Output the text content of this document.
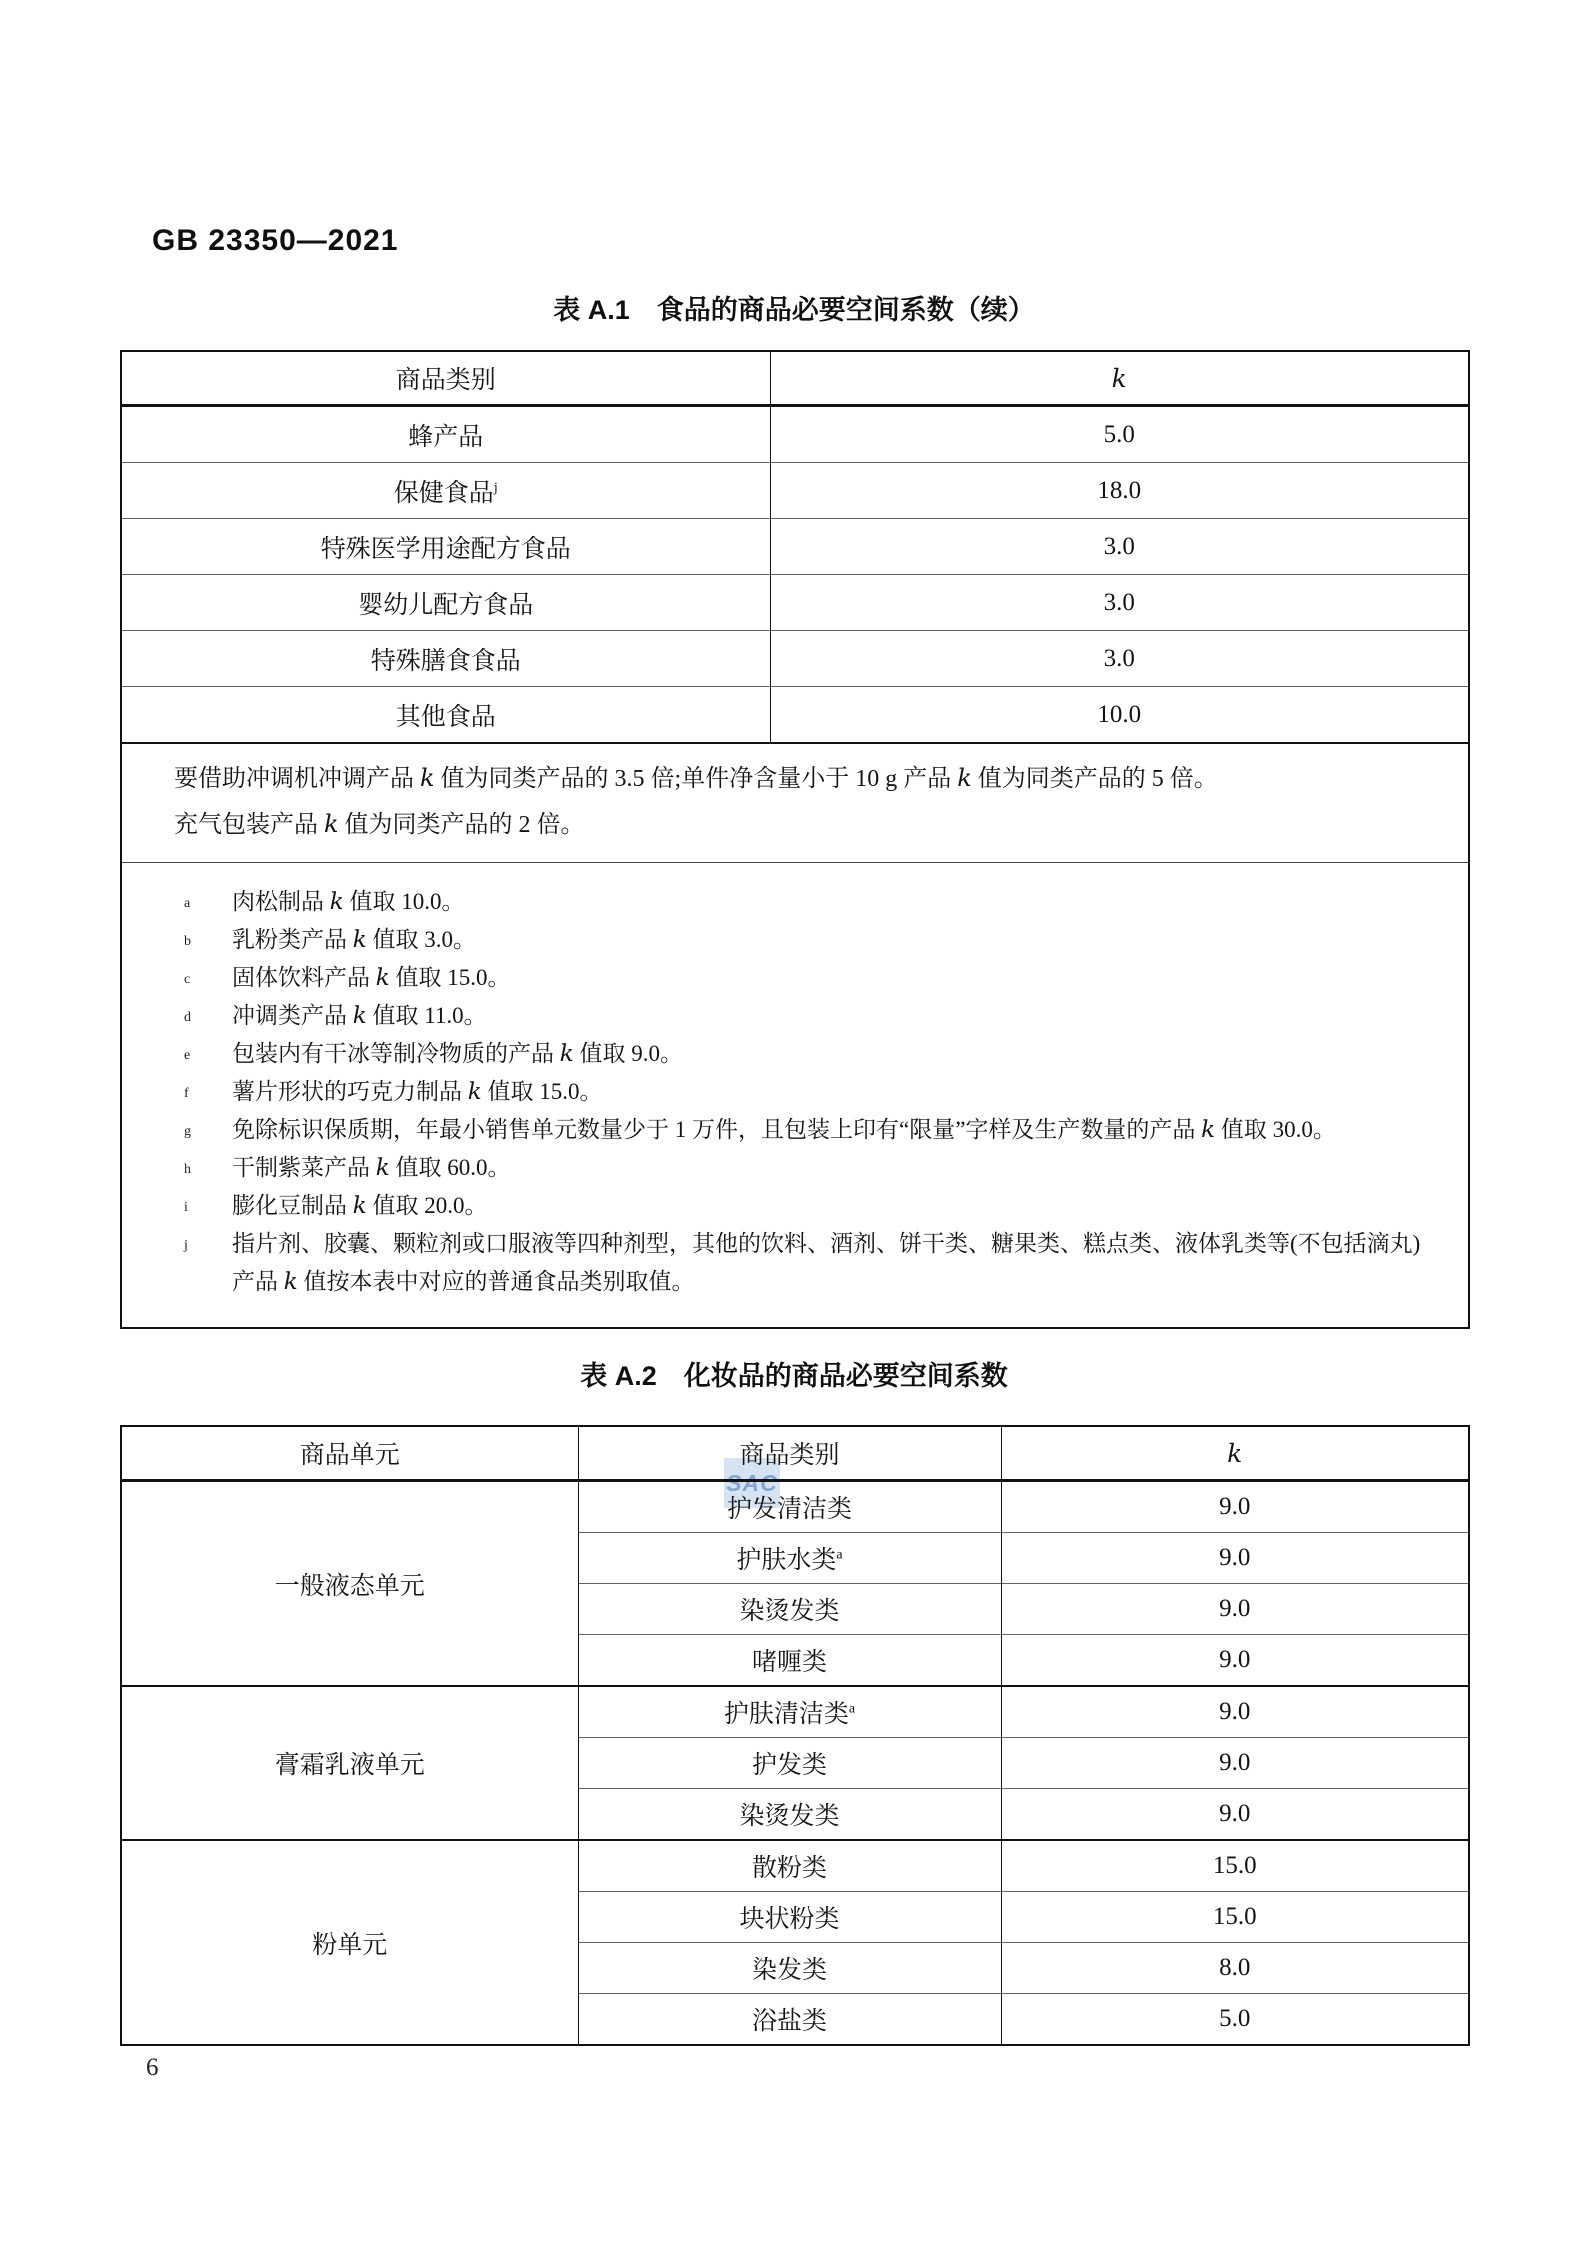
SAC
GB 23350—2021
表 A.1　食品的商品必要空间系数（续）
商品类别	k
蜂产品	5.0
保健食品$^j$	18.0
特殊医学用途配方食品	3.0
婴幼儿配方食品	3.0
特殊膳食食品	3.0
其他食品	10.0

要借助冲调机冲调产品 k 值为同类产品的 3.5 倍;单件净含量小于 10 g 产品 k 值为同类产品的 5 倍。
充气包装产品 k 值为同类产品的 2 倍。	

a 肉松制品 k 值取 10.0。
b 乳粉类产品 k 值取 3.0。
c 固体饮料产品 k 值取 15.0。
d 冲调类产品 k 值取 11.0。
e 包装内有干冰等制冷物质的产品 k 值取 9.0。
f 薯片形状的巧克力制品 k 值取 15.0。
g 免除标识保质期，年最小销售单元数量少于 1 万件，且包装上印有“限量”字样及生产数量的产品 k 值取 30.0。
h 干制紫菜产品 k 值取 60.0。
i 膨化豆制品 k 值取 20.0。
j 指片剂、胶囊、颗粒剂或口服液等四种剂型，其他的饮料、酒剂、饼干类、糖果类、糕点类、液体乳类等(不包括滴丸)产品 k 值按本表中对应的普通食品类别取值。
表 A.2　化妆品的商品必要空间系数
商品单元	商品类别	k
一般液态单元	护发清洁类	9.0
	护肤水类$^a$	9.0
	染烫发类	9.0
	啫喱类	9.0
膏霜乳液单元	护肤清洁类$^a$	9.0
	护发类	9.0
	染烫发类	9.0
粉单元	散粉类	15.0
	块状粉类	15.0
	染发类	8.0
	浴盐类	5.0
6
